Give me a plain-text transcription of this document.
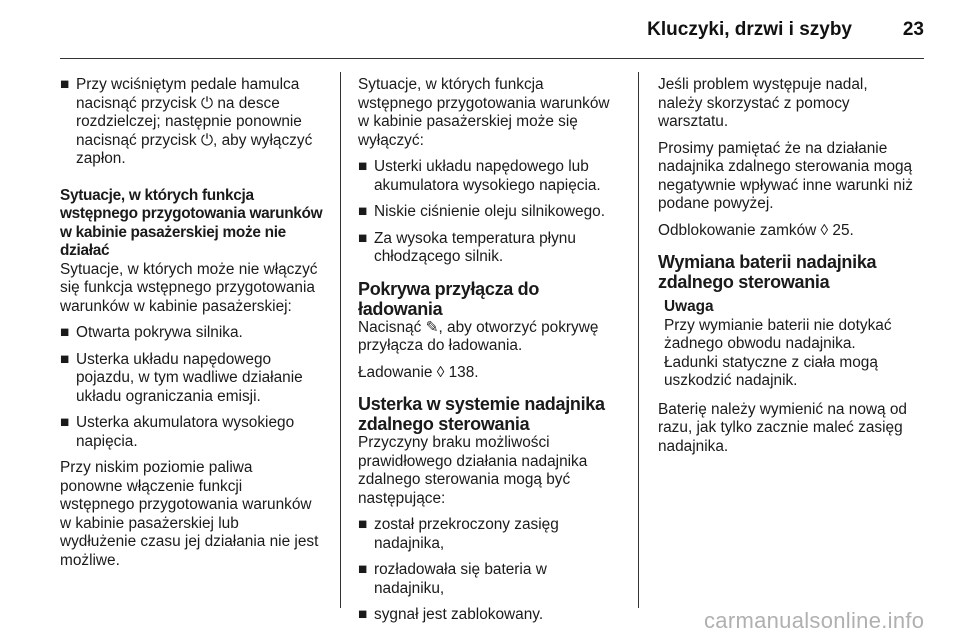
Kluczyki, drzwi i szyby	23
■ Przy wciśniętym pedale hamulca
nacisnąć przycisk ⏻ na desce
rozdzielczej; następnie ponownie
nacisnąć przycisk ⏻, aby wyłączyć
zapłon.

Sytuacje, w których funkcja
wstępnego przygotowania warunków
w kabinie pasażerskiej może nie
działać

Sytuacje, w których może nie włączyć
się funkcja wstępnego przygotowania
warunków w kabinie pasażerskiej:

■ Otwarta pokrywa silnika.
■ Usterka układu napędowego
pojazdu, w tym wadliwe działanie
układu ograniczania emisji.
■ Usterka akumulatora wysokiego
napięcia.

Przy niskim poziomie paliwa
ponowne włączenie funkcji
wstępnego przygotowania warunków
w kabinie pasażerskiej lub
wydłużenie czasu jej działania nie jest
możliwe.

Sytuacje, w których funkcja
wstępnego przygotowania warunków
w kabinie pasażerskiej może się
wyłączyć:

■ Usterki układu napędowego lub
akumulatora wysokiego napięcia.
■ Niskie ciśnienie oleju silnikowego.
■ Za wysoka temperatura płynu
chłodzącego silnik.
Pokrywa przyłącza do
ładowania

Nacisnąć ✎, aby otworzyć pokrywę
przyłącza do ładowania.

Ładowanie ◊ 138.

Usterka w systemie nadajnika
zdalnego sterowania

Przyczyny braku możliwości
prawidłowego działania nadajnika
zdalnego sterowania mogą być
następujące:

■ został przekroczony zasięg
nadajnika,
■ rozładowała się bateria w
nadajniku,
■ sygnał jest zablokowany.

Jeśli problem występuje nadal,
należy skorzystać z pomocy
warsztatu.

Prosimy pamiętać że na działanie
nadajnika zdalnego sterowania mogą
negatywnie wpływać inne warunki niż
podane powyżej.

Odblokowanie zamków ◊ 25.

Wymiana baterii nadajnika
zdalnego sterowania
Uwaga
Przy wymianie baterii nie dotykać
żadnego obwodu nadajnika.
Ładunki statyczne z ciała mogą
uszkodzić nadajnik.

Baterię należy wymienić na nową od
razu, jak tylko zacznie maleć zasięg
nadajnika.

carmanualsonline.info
